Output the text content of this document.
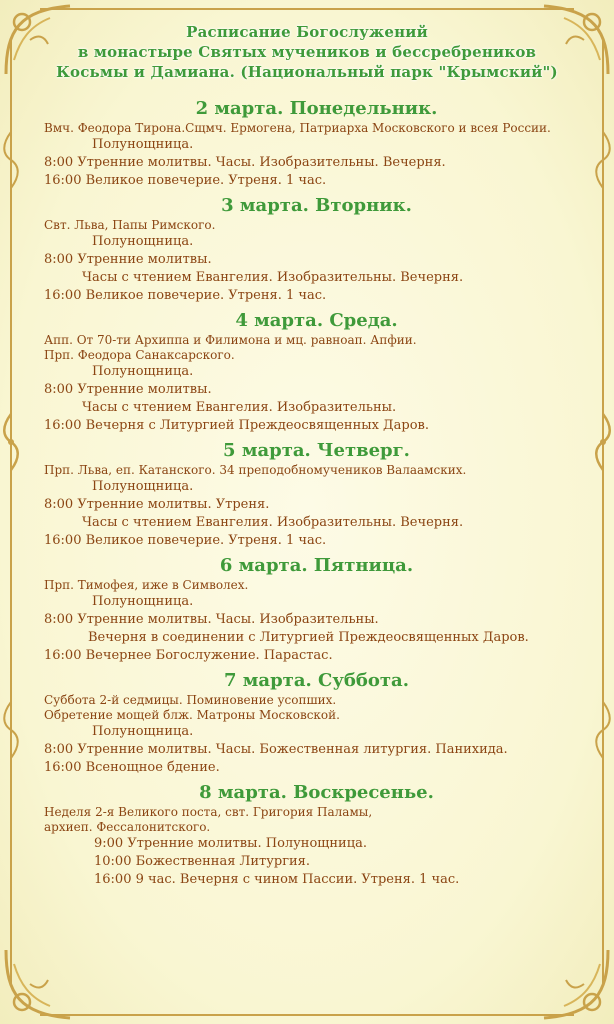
Расписание Богослужений
в монастыре Святых мучеников и бессребреников
Косьмы и Дамиана. (Национальный парк "Крымский")
2 марта. Понедельник.
Вмч. Феодора Тирона.Сщмч. Ермогена, Патриарха Московского и всея России.
Полунощница.
8:00 Утренние молитвы. Часы. Изобразительны. Вечерня.
16:00 Великое повечерие. Утреня. 1 час.
3 марта. Вторник.
Свт. Льва, Папы Римского.
Полунощница.
8:00 Утренние молитвы.
Часы с чтением Евангелия. Изобразительны. Вечерня.
16:00 Великое повечерие. Утреня. 1 час.
4 марта. Среда.
Апп. От 70-ти Архиппа и Филимона и мц. равноап. Апфии.
Прп. Феодора Санаксарского.
Полунощница.
8:00 Утренние молитвы.
Часы с чтением Евангелия. Изобразительны.
16:00 Вечерня с Литургией Преждеосвященных Даров.
5 марта. Четверг.
Прп. Льва, еп. Катанского. 34 преподобномучеников Валаамских.
Полунощница.
8:00 Утренние молитвы. Утреня.
Часы с чтением Евангелия. Изобразительны. Вечерня.
16:00 Великое повечерие. Утреня. 1 час.
6 марта. Пятница.
Прп. Тимофея, иже в Символех.
Полунощница.
8:00 Утренние молитвы. Часы. Изобразительны.
Вечерня в соединении с Литургией Преждеосвященных Даров.
16:00 Вечернее Богослужение. Парастас.
7 марта. Суббота.
Суббота 2-й седмицы. Поминовение усопших.
Обретение мощей блж. Матроны Московской.
Полунощница.
8:00 Утренние молитвы. Часы. Божественная литургия. Панихида.
16:00 Всенощное бдение.
8 марта. Воскресенье.
Неделя 2-я Великого поста, свт. Григория Паламы,
архиеп. Фессалонитского.
9:00 Утренние молитвы. Полунощница.
10:00 Божественная Литургия.
16:00 9 час. Вечерня с чином Пассии. Утреня. 1 час.
